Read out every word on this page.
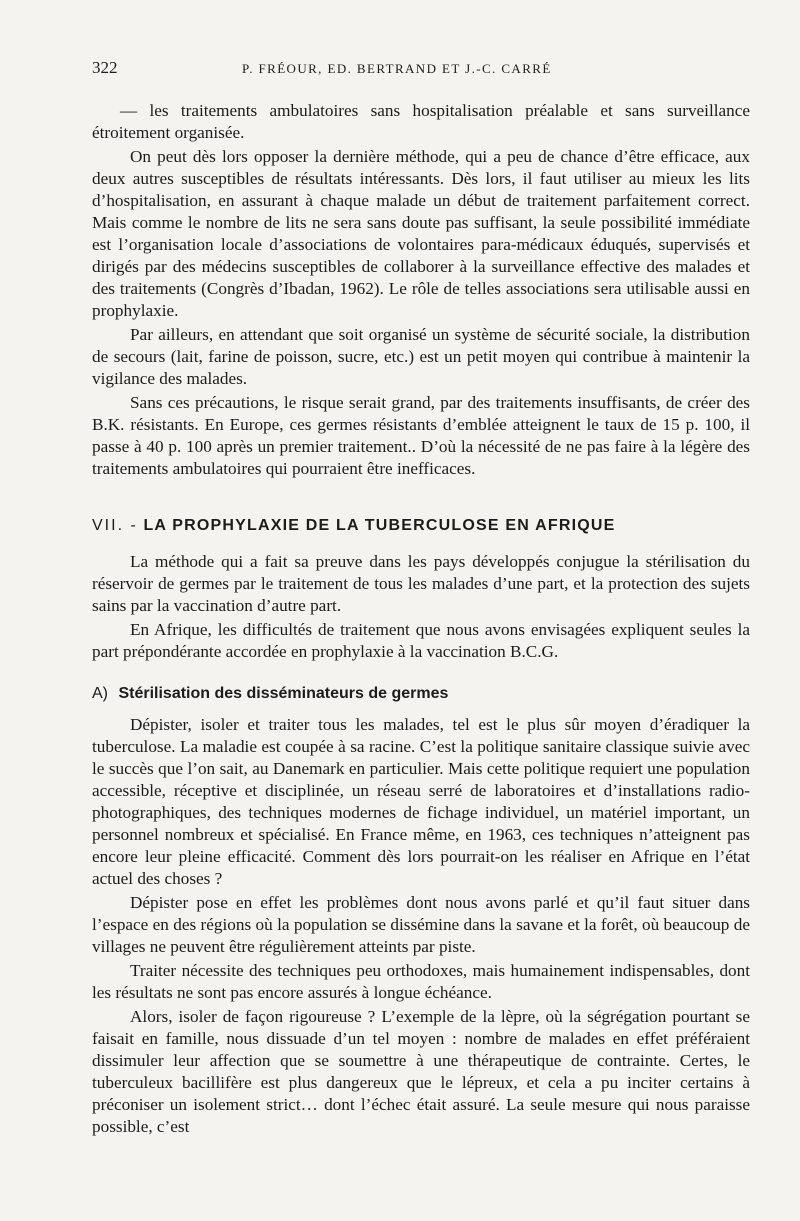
322	P. FRÉOUR, ED. BERTRAND ET J.-C. CARRÉ

— les traitements ambulatoires sans hospitalisation préalable et sans surveillance étroitement organisée.

On peut dès lors opposer la dernière méthode, qui a peu de chance d’être efficace, aux deux autres susceptibles de résultats intéressants. Dès lors, il faut utiliser au mieux les lits d’hospitalisation, en assurant à chaque malade un début de traitement parfaitement correct. Mais comme le nombre de lits ne sera sans doute pas suffisant, la seule possibilité immédiate est l’organisation locale d’associations de volontaires para-médicaux éduqués, supervisés et dirigés par des médecins susceptibles de collaborer à la surveillance effective des malades et des traitements (Congrès d’Ibadan, 1962). Le rôle de telles associations sera utilisable aussi en prophylaxie.

Par ailleurs, en attendant que soit organisé un système de sécurité sociale, la distribution de secours (lait, farine de poisson, sucre, etc.) est un petit moyen qui contribue à maintenir la vigilance des malades.

Sans ces précautions, le risque serait grand, par des traitements insuffisants, de créer des B.K. résistants. En Europe, ces germes résistants d’emblée atteignent le taux de 15 p. 100, il passe à 40 p. 100 après un premier traitement.. D’où la nécessité de ne pas faire à la légère des traitements ambulatoires qui pourraient être inefficaces.

VII. - LA PROPHYLAXIE DE LA TUBERCULOSE EN AFRIQUE

La méthode qui a fait sa preuve dans les pays développés conjugue la stérilisation du réservoir de germes par le traitement de tous les malades d’une part, et la protection des sujets sains par la vaccination d’autre part.

En Afrique, les difficultés de traitement que nous avons envisagées expliquent seules la part prépondérante accordée en prophylaxie à la vaccination B.C.G.

A) Stérilisation des disséminateurs de germes

Dépister, isoler et traiter tous les malades, tel est le plus sûr moyen d’éradiquer la tuberculose. La maladie est coupée à sa racine. C’est la politique sanitaire classique suivie avec le succès que l’on sait, au Danemark en particulier. Mais cette politique requiert une population accessible, réceptive et disciplinée, un réseau serré de laboratoires et d’installations radio-photographiques, des techniques modernes de fichage individuel, un matériel important, un personnel nombreux et spécialisé. En France même, en 1963, ces techniques n’atteignent pas encore leur pleine efficacité. Comment dès lors pourrait-on les réaliser en Afrique en l’état actuel des choses ?

Dépister pose en effet les problèmes dont nous avons parlé et qu’il faut situer dans l’espace en des régions où la population se dissémine dans la savane et la forêt, où beaucoup de villages ne peuvent être régulièrement atteints par piste.

Traiter nécessite des techniques peu orthodoxes, mais humainement indispensables, dont les résultats ne sont pas encore assurés à longue échéance.

Alors, isoler de façon rigoureuse ? L’exemple de la lèpre, où la ségrégation pourtant se faisait en famille, nous dissuade d’un tel moyen : nombre de malades en effet préféraient dissimuler leur affection que se soumettre à une thérapeutique de contrainte. Certes, le tuberculeux bacillifère est plus dangereux que le lépreux, et cela a pu inciter certains à préconiser un isolement strict… dont l’échec était assuré. La seule mesure qui nous paraisse possible, c’est
